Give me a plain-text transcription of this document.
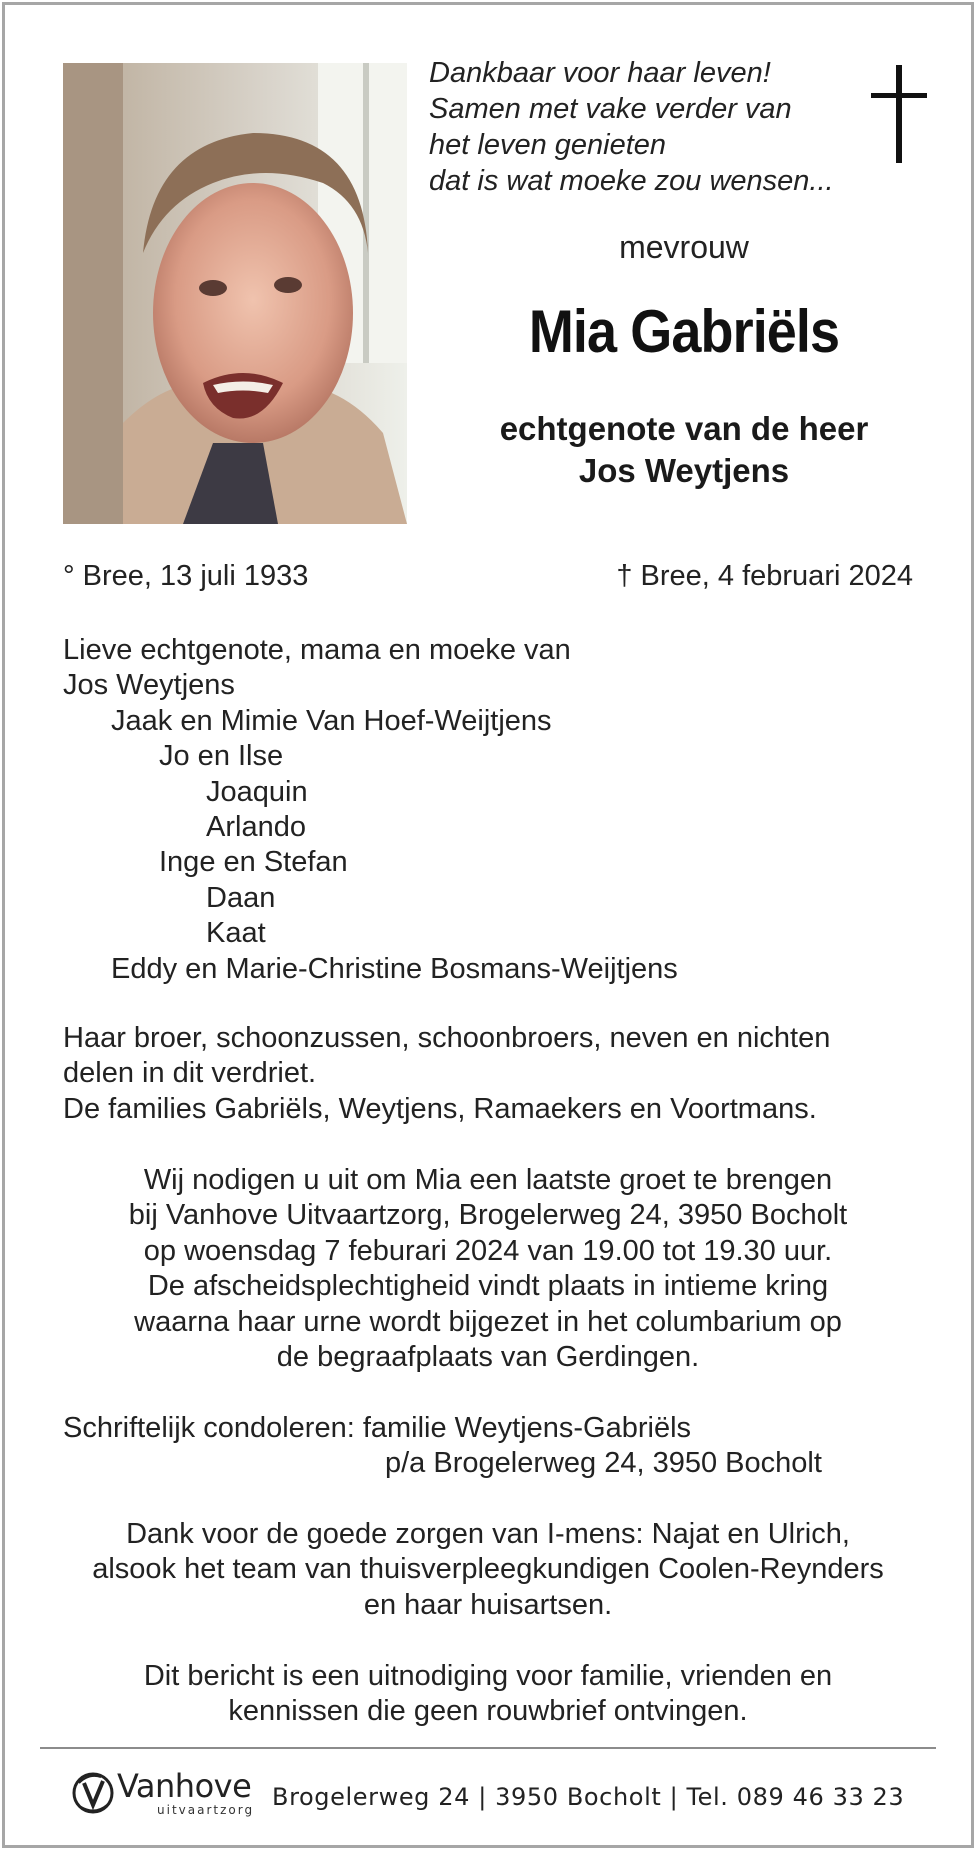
Dankbaar voor haar leven!
Samen met vake verder van
het leven genieten
dat is wat moeke zou wensen...
mevrouw
Mia Gabriëls
echtgenote van de heer
Jos Weytjens
° Bree, 13 juli 1933	† Bree, 4 februari 2024
Lieve echtgenote, mama en moeke van
Jos Weytjens
Jaak en Mimie Van Hoef-Weijtjens
Jo en Ilse
Joaquin
Arlando
Inge en Stefan
Daan
Kaat
Eddy en Marie-Christine Bosmans-Weijtjens
Haar broer, schoonzussen, schoonbroers, neven en nichten
delen in dit verdriet.
De families Gabriëls, Weytjens, Ramaekers en Voortmans.
Wij nodigen u uit om Mia een laatste groet te brengen
bij Vanhove Uitvaartzorg, Brogelerweg 24, 3950 Bocholt
op woensdag 7 feburari 2024 van 19.00 tot 19.30 uur.
De afscheidsplechtigheid vindt plaats in intieme kring
waarna haar urne wordt bijgezet in het columbarium op
de begraafplaats van Gerdingen.
Schriftelijk condoleren: familie Weytjens-Gabriëls
p/a Brogelerweg 24, 3950 Bocholt
Dank voor de goede zorgen van I-mens: Najat en Ulrich,
alsook het team van thuisverpleegkundigen Coolen-Reynders
en haar huisartsen.
Dit bericht is een uitnodiging voor familie, vrienden en
kennissen die geen rouwbrief ontvingen.
Vanhove
uitvaartzorg Brogelerweg 24 | 3950 Bocholt | Tel. 089 46 33 23
